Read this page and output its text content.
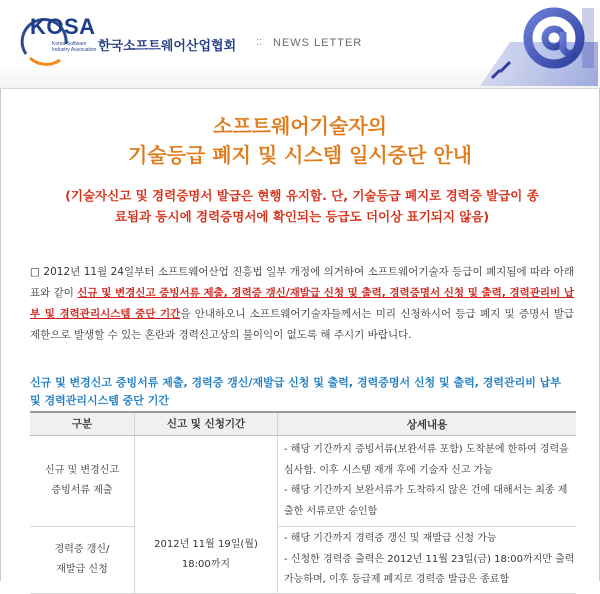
KOSA
Korea Software Industry Association 한국소프트웨어산업협회 :: NEWS LETTER
소프트웨어기술자의
기술등급 폐지 및 시스템 일시중단 안내
(기술자신고 및 경력증명서 발급은 현행 유지함. 단, 기술등급 폐지로 경력증 발급이 종
료됨과 동시에 경력증명서에 확인되는 등급도 더이상 표기되지 않음)
□ 2012년 11월 24일부터 소프트웨어산업 진흥법 일부 개정에 의거하여 소프트웨어기술자 등급이 폐지됨에 따라 아래 표와 같이 신규 및 변경신고 증빙서류 제출, 경력증 갱신/재발급 신청 및 출력, 경력증명서 신청 및 출력, 경력관리비 납부 및 경력관리시스템 중단 기간을 안내하오니 소프트웨어기술자들께서는 미리 신청하시어 등급 폐지 및 증명서 발급 제한으로 발생할 수 있는 혼란과 경력신고상의 불이익이 없도록 해 주시기 바랍니다.
신규 및 변경신고 증빙서류 제출, 경력증 갱신/재발급 신청 및 출력, 경력증명서 신청 및 출력, 경력관리비 납부 및 경력관리시스템 중단 기간
구분	신고 및 신청기간	상세내용

신규 및 변경신고 증빙서류 제출	2012년 11월 19일(월) 18:00까지	- 해당 기간까지 증빙서류(보완서류 포함) 도착분에 한하여 경력을 심사함. 이후 시스템 재개 후에 기술자 신고 가능
- 해당 기간까지 보완서류가 도착하지 않은 건에 대해서는 최종 제출한 서류로만 승인함

경력증 갱신/재발급 신청		- 해당 기간까지 경력증 갱신 및 재발급 신청 가능
- 신청한 경력증 출력은 2012년 11월 23일(금) 18:00까지만 출력 가능하며, 이후 등급제 폐지로 경력증 발급은 종료함
